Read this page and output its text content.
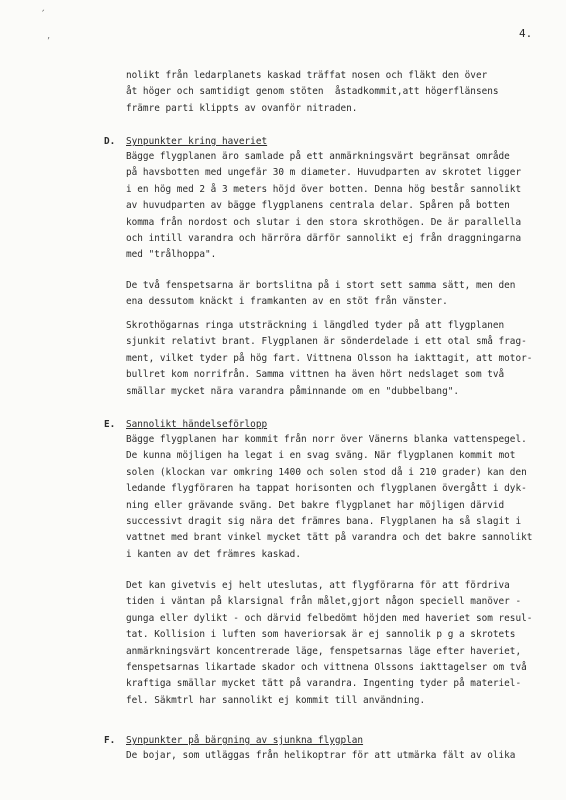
´
’
4.
nolikt från ledarplanets kaskad träffat nosen och fläkt den över
åt höger och samtidigt genom stöten  åstadkommit,att högerflänsens
främre parti klippts av ovanför nitraden.
D. Synpunkter kring haveriet
Bägge flygplanen äro samlade på ett anmärkningsvärt begränsat område
på havsbotten med ungefär 30 m diameter. Huvudparten av skrotet ligger
i en hög med 2 å 3 meters höjd över botten. Denna hög består sannolikt
av huvudparten av bägge flygplanens centrala delar. Spåren på botten
komma från nordost och slutar i den stora skrothögen. De är parallella
och intill varandra och härröra därför sannolikt ej från draggningarna
med "trålhoppa".
De två fenspetsarna är bortslitna på i stort sett samma sätt, men den
ena dessutom knäckt i framkanten av en stöt från vänster.
Skrothögarnas ringa utsträckning i längdled tyder på att flygplanen
sjunkit relativt brant. Flygplanen är sönderdelade i ett otal små frag-
ment, vilket tyder på hög fart. Vittnena Olsson ha iakttagit, att motor-
bullret kom norrifrån. Samma vittnen ha även hört nedslaget som två
smällar mycket nära varandra påminnande om en "dubbelbang".
E. Sannolikt händelseförlopp
Bägge flygplanen har kommit från norr över Vänerns blanka vattenspegel.
De kunna möjligen ha legat i en svag sväng. När flygplanen kommit mot
solen (klockan var omkring 1400 och solen stod då i 210 grader) kan den
ledande flygföraren ha tappat horisonten och flygplanen övergått i dyk-
ning eller grävande sväng. Det bakre flygplanet har möjligen därvid
successivt dragit sig nära det främres bana. Flygplanen ha så slagit i
vattnet med brant vinkel mycket tätt på varandra och det bakre sannolikt
i kanten av det främres kaskad.
Det kan givetvis ej helt uteslutas, att flygförarna för att fördriva
tiden i väntan på klarsignal från målet,gjort någon speciell manöver -
gunga eller dylikt - och därvid felbedömt höjden med haveriet som resul-
tat. Kollision i luften som haveriorsak är ej sannolik p g a skrotets
anmärkningsvärt koncentrerade läge, fenspetsarnas läge efter haveriet,
fenspetsarnas likartade skador och vittnena Olssons iakttagelser om två
kraftiga smällar mycket tätt på varandra. Ingenting tyder på materiel-
fel. Säkmtrl har sannolikt ej kommit till användning.
F. Synpunkter på bärgning av sjunkna flygplan
De bojar, som utläggas från helikoptrar för att utmärka fält av olika
